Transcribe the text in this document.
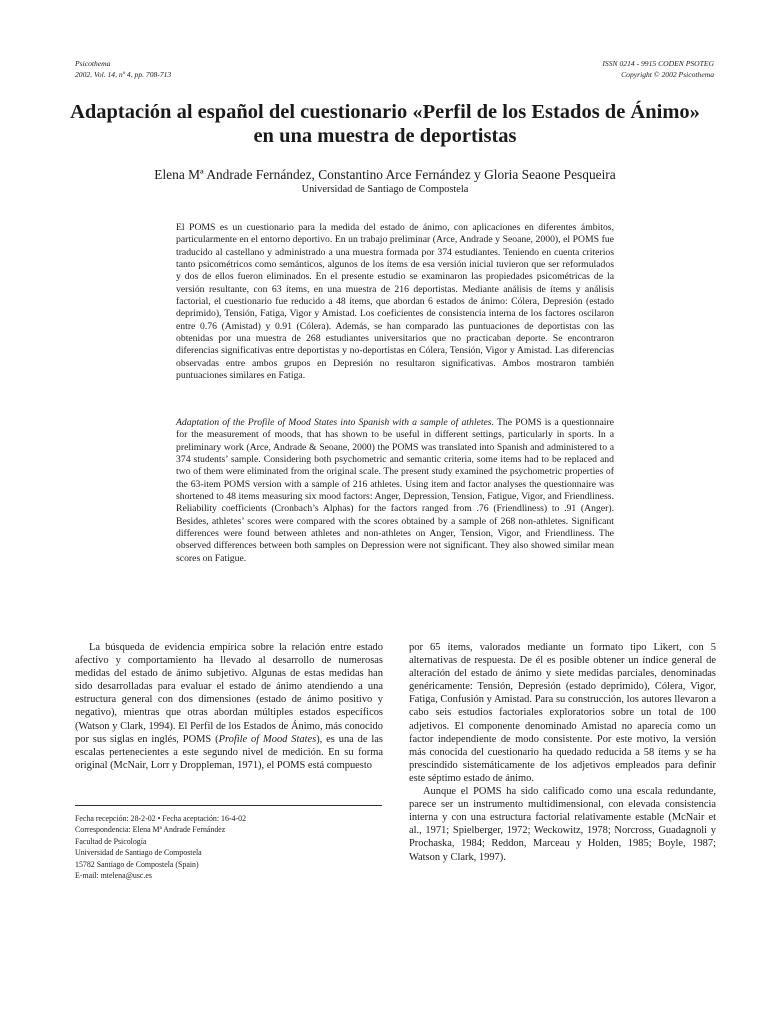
Psicothema
2002. Vol. 14, nº 4, pp. 708-713
ISSN 0214 - 9915 CODEN PSOTEG
Copyright © 2002 Psicothema
Adaptación al español del cuestionario «Perfil de los Estados de Ánimo»
en una muestra de deportistas
Elena Mª Andrade Fernández, Constantino Arce Fernández y Gloria Seaone Pesqueira
Universidad de Santiago de Compostela

El POMS es un cuestionario para la medida del estado de ánimo, con aplicaciones en diferentes ámbitos, particularmente en el entorno deportivo. En un trabajo preliminar (Arce, Andrade y Seoane, 2000), el POMS fue traducido al castellano y administrado a una muestra formada por 374 estudiantes. Teniendo en cuenta criterios tanto psicométricos como semánticos, algunos de los ítems de esa versión inicial tuvieron que ser reformulados y dos de ellos fueron eliminados. En el presente estudio se examinaron las propiedades psicométricas de la versión resultante, con 63 ítems, en una muestra de 216 deportistas. Mediante análisis de ítems y análisis factorial, el cuestionario fue reducido a 48 ítems, que abordan 6 estados de ánimo: Cólera, Depresión (estado deprimido), Tensión, Fatiga, Vigor y Amistad. Los coeficientes de consistencia interna de los factores oscilaron entre 0.76 (Amistad) y 0.91 (Cólera). Además, se han comparado las puntuaciones de deportistas con las obtenidas por una muestra de 268 estudiantes universitarios que no practicaban deporte. Se encontraron diferencias significativas entre deportistas y no-deportistas en Cólera, Tensión, Vigor y Amistad. Las diferencias observadas entre ambos grupos en Depresión no resultaron significativas. Ambos mostraron también puntuaciones similares en Fatiga.

Adaptation of the Profile of Mood States into Spanish with a sample of athletes. The POMS is a questionnaire for the measurement of moods, that has shown to be useful in different settings, particularly in sports. In a preliminary work (Arce, Andrade & Seoane, 2000) the POMS was translated into Spanish and administered to a 374 students’ sample. Considering both psychometric and semantic criteria, some items had to be replaced and two of them were eliminated from the original scale. The present study examined the psychometric properties of the 63-item POMS version with a sample of 216 athletes. Using item and factor analyses the questionnaire was shortened to 48 items measuring six mood factors: Anger, Depression, Tension, Fatigue, Vigor, and Friendliness. Reliability coefficients (Cronbach’s Alphas) for the factors ranged from .76 (Friendliness) to .91 (Anger). Besides, athletes’ scores were compared with the scores obtained by a sample of 268 non-athletes. Significant differences were found between athletes and non-athletes on Anger, Tension, Vigor, and Friendliness. The observed differences between both samples on Depression were not significant. They also showed similar mean scores on Fatigue.

La búsqueda de evidencia empírica sobre la relación entre estado afectivo y comportamiento ha llevado al desarrollo de numerosas medidas del estado de ánimo subjetivo. Algunas de estas medidas han sido desarrolladas para evaluar el estado de ánimo atendiendo a una estructura general con dos dimensiones (estado de ánimo positivo y negativo), mientras que otras abordan múltiples estados específicos (Watson y Clark, 1994). El Perfil de los Estados de Ánimo, más conocido por sus siglas en inglés, POMS (Profile of Mood States), es una de las escalas pertenecientes a este segundo nivel de medición. En su forma original (McNair, Lorr y Droppleman, 1971), el POMS está compuesto

Fecha recepción: 28-2-02 • Fecha aceptación: 16-4-02
Correspondencia: Elena Mª Andrade Fernández
Facultad de Psicología
Universidad de Santiago de Compostela
15782 Santiago de Compostela (Spain)
E-mail: mtelena@usc.es

por 65 ítems, valorados mediante un formato tipo Likert, con 5 alternativas de respuesta. De él es posible obtener un índice general de alteración del estado de ánimo y siete medidas parciales, denominadas genéricamente: Tensión, Depresión (estado deprimido), Cólera, Vigor, Fatiga, Confusión y Amistad. Para su construcción, los autores llevaron a cabo seis estudios factoriales exploratorios sobre un total de 100 adjetivos. El componente denominado Amistad no aparecía como un factor independiente de modo consistente. Por este motivo, la versión más conocida del cuestionario ha quedado reducida a 58 ítems y se ha prescindido sistemáticamente de los adjetivos empleados para definir este séptimo estado de ánimo.

Aunque el POMS ha sido calificado como una escala redundante, parece ser un instrumento multidimensional, con elevada consistencia interna y con una estructura factorial relativamente estable (McNair et al., 1971; Spielberger, 1972; Weckowitz, 1978; Norcross, Guadagnoli y Prochaska, 1984; Reddon, Marceau y Holden, 1985; Boyle, 1987; Watson y Clark, 1997).
